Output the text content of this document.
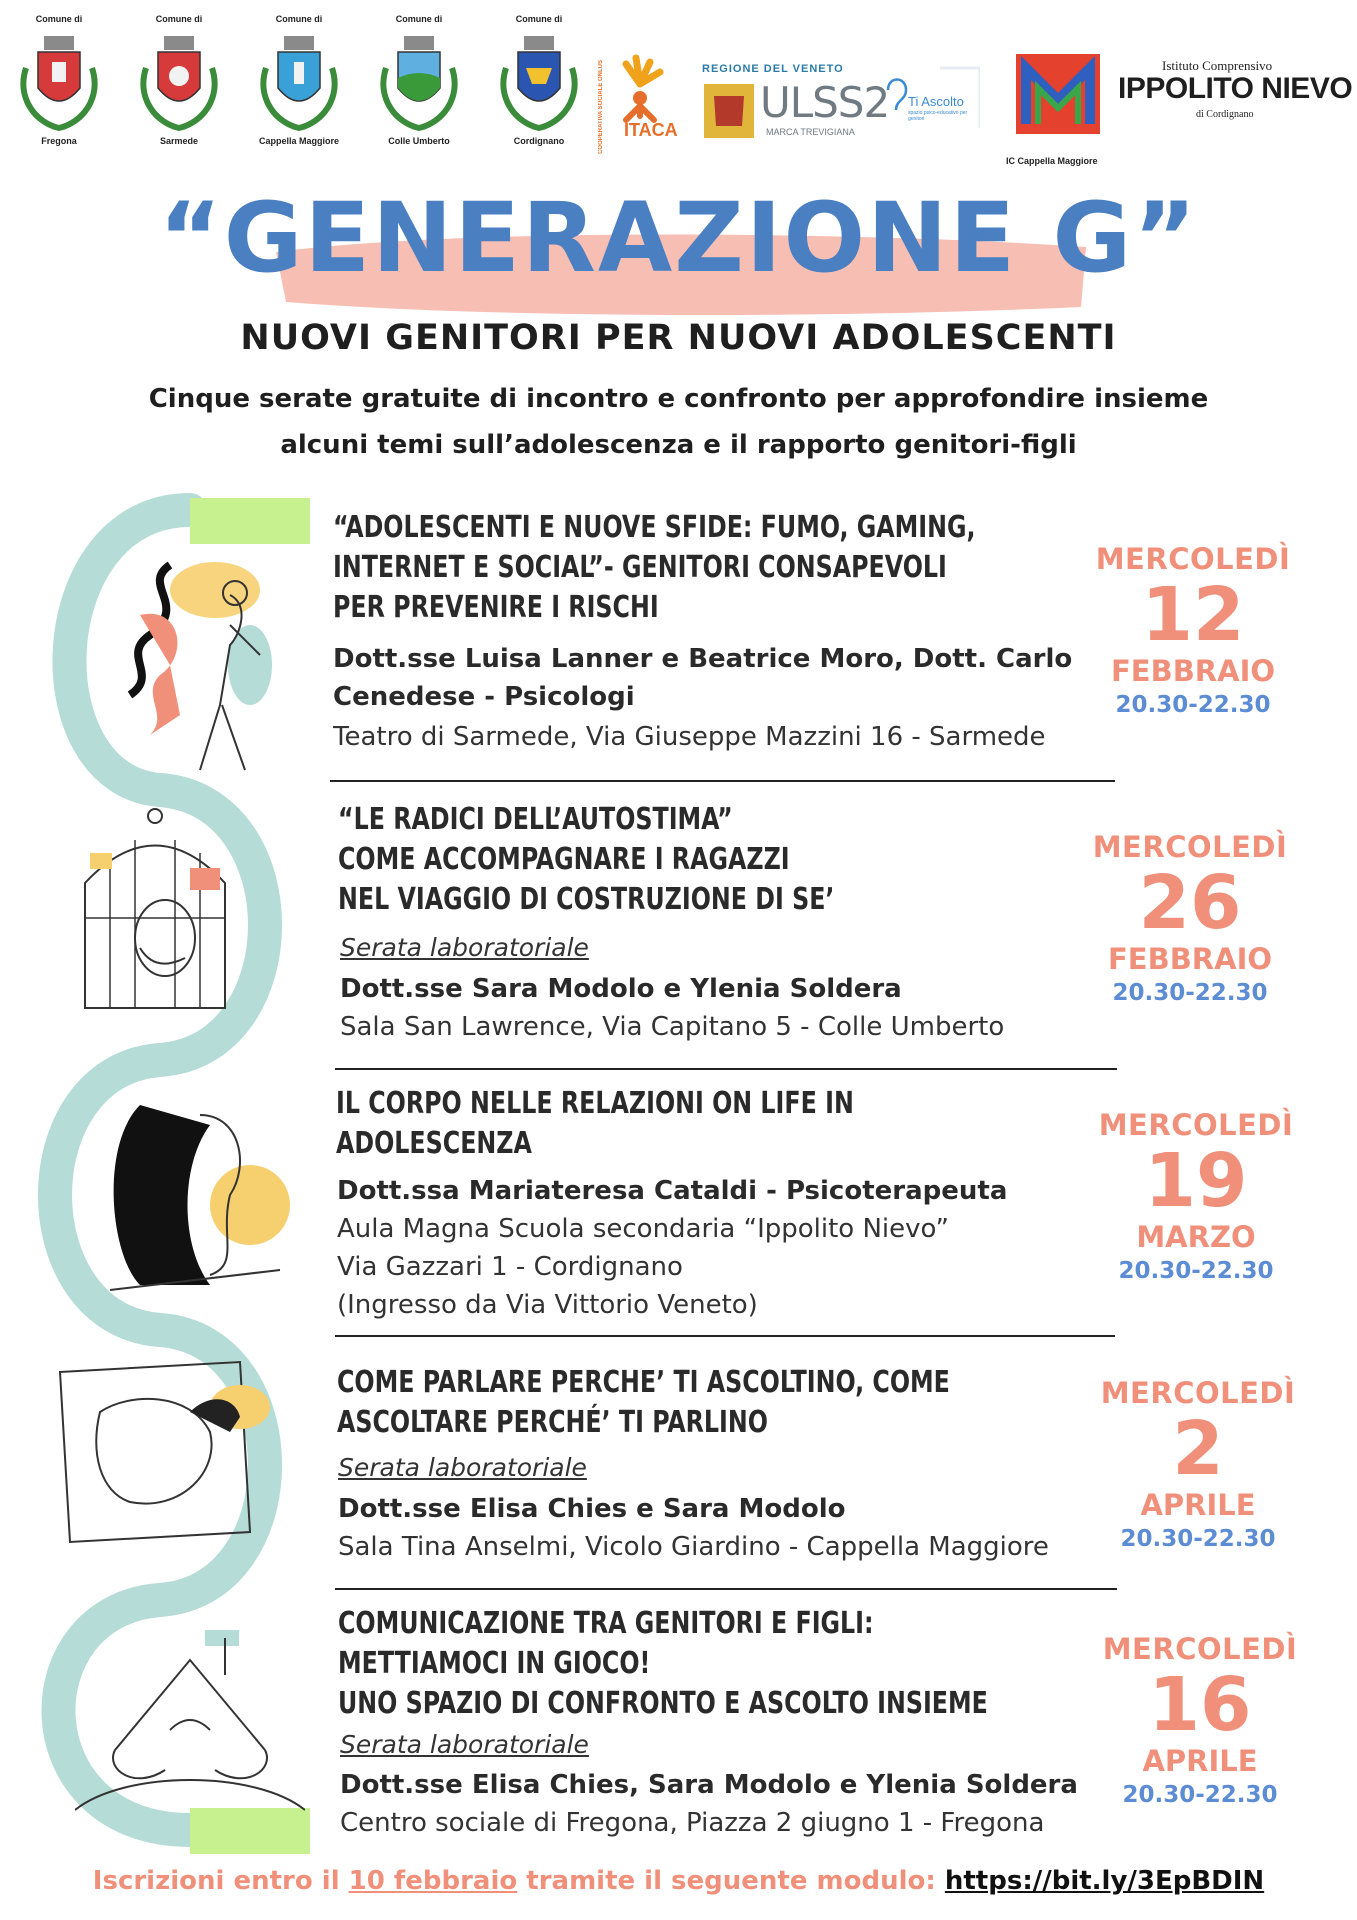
Comune di
Fregona
Comune di
Sarmede
Comune di
Cappella Maggiore
Comune di
Colle Umberto
Comune di
Cordignano	COOPERATIVA SOCIALE ONLUS ITACA
REGIONE DEL VENETO
ULSS2
MARCA TREVIGIANA
Ti Ascolto
spazio psico-educativo per genitori
IC Cappella Maggiore
Istituto Comprensivo
IPPOLITO NIEVO
di Cordignano
“GENERAZIONE G”
NUOVI GENITORI PER NUOVI ADOLESCENTI
Cinque serate gratuite di incontro e confronto per approfondire insieme
alcuni temi sull’adolescenza e il rapporto genitori-figli
“ADOLESCENTI E NUOVE SFIDE: FUMO, GAMING,
INTERNET E SOCIAL”- GENITORI CONSAPEVOLI
PER PREVENIRE I RISCHI
Dott.sse Luisa Lanner e Beatrice Moro, Dott. Carlo
Cenedese - Psicologi
Teatro di Sarmede, Via Giuseppe Mazzini 16 - Sarmede
MERCOLEDÌ
12
FEBBRAIO
20.30-22.30
“LE RADICI DELL’AUTOSTIMA”
COME ACCOMPAGNARE I RAGAZZI
NEL VIAGGIO DI COSTRUZIONE DI SE’
Serata laboratoriale
Dott.sse Sara Modolo e Ylenia Soldera
Sala San Lawrence, Via Capitano 5 - Colle Umberto
MERCOLEDÌ
26
FEBBRAIO
20.30-22.30
IL CORPO NELLE RELAZIONI ON LIFE IN
ADOLESCENZA
Dott.ssa Mariateresa Cataldi - Psicoterapeuta
Aula Magna Scuola secondaria “Ippolito Nievo”
Via Gazzari 1 - Cordignano
(Ingresso da Via Vittorio Veneto)
MERCOLEDÌ
19
MARZO
20.30-22.30
COME PARLARE PERCHE’ TI ASCOLTINO, COME
ASCOLTARE PERCHÉ’ TI PARLINO
Serata laboratoriale
Dott.sse Elisa Chies e Sara Modolo
Sala Tina Anselmi, Vicolo Giardino - Cappella Maggiore
MERCOLEDÌ
2
APRILE
20.30-22.30
COMUNICAZIONE TRA GENITORI E FIGLI:
METTIAMOCI IN GIOCO!
UNO SPAZIO DI CONFRONTO E ASCOLTO INSIEME
Serata laboratoriale
Dott.sse Elisa Chies, Sara Modolo e Ylenia Soldera
Centro sociale di Fregona, Piazza 2 giugno 1 - Fregona
MERCOLEDÌ
16
APRILE
20.30-22.30
Iscrizioni entro il 10 febbraio tramite il seguente modulo: https://bit.ly/3EpBDIN
